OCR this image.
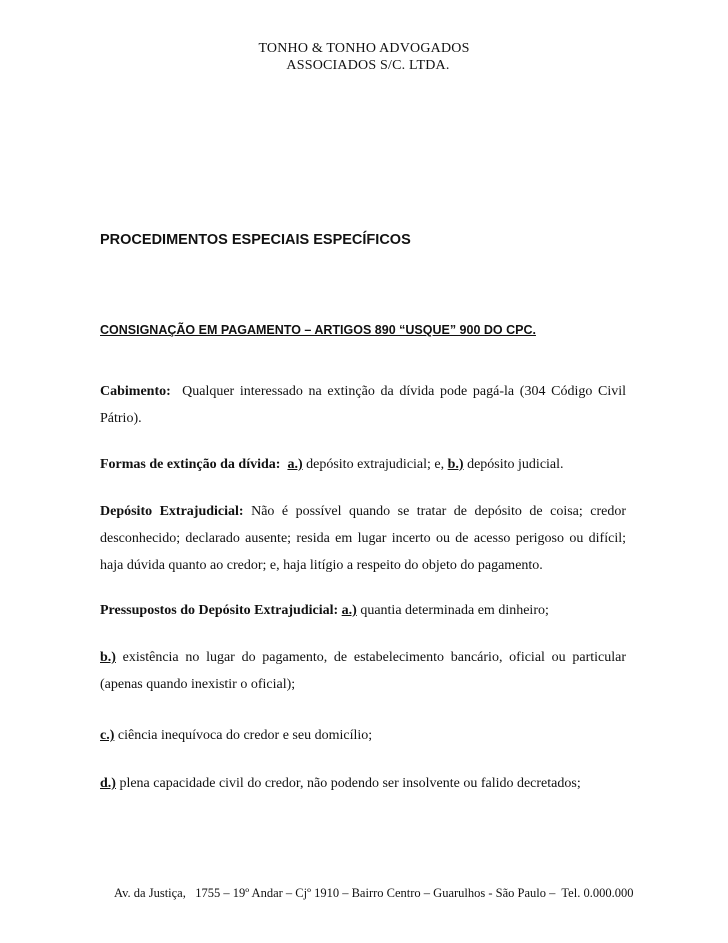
TONHO & TONHO ADVOGADOS
ASSOCIADOS S/C. LTDA.
PROCEDIMENTOS ESPECIAIS ESPECÍFICOS
CONSIGNAÇÃO EM PAGAMENTO – ARTIGOS 890 “USQUE” 900 DO CPC.
Cabimento: Qualquer interessado na extinção da dívida pode pagá-la (304 Código Civil Pátrio).
Formas de extinção da dívida: a.) depósito extrajudicial; e, b.) depósito judicial.
Depósito Extrajudicial: Não é possível quando se tratar de depósito de coisa; credor desconhecido; declarado ausente; resida em lugar incerto ou de acesso perigoso ou difícil; haja dúvida quanto ao credor; e, haja litígio a respeito do objeto do pagamento.
Pressupostos do Depósito Extrajudicial: a.) quantia determinada em dinheiro;
b.) existência no lugar do pagamento, de estabelecimento bancário, oficial ou particular (apenas quando inexistir o oficial);
c.) ciência inequívoca do credor e seu domicílio;
d.) plena capacidade civil do credor, não podendo ser insolvente ou falido decretados;
Av. da Justiça,   1755 – 19º Andar – Cjº 1910 – Bairro Centro – Guarulhos - São Paulo –  Tel. 0.000.000
